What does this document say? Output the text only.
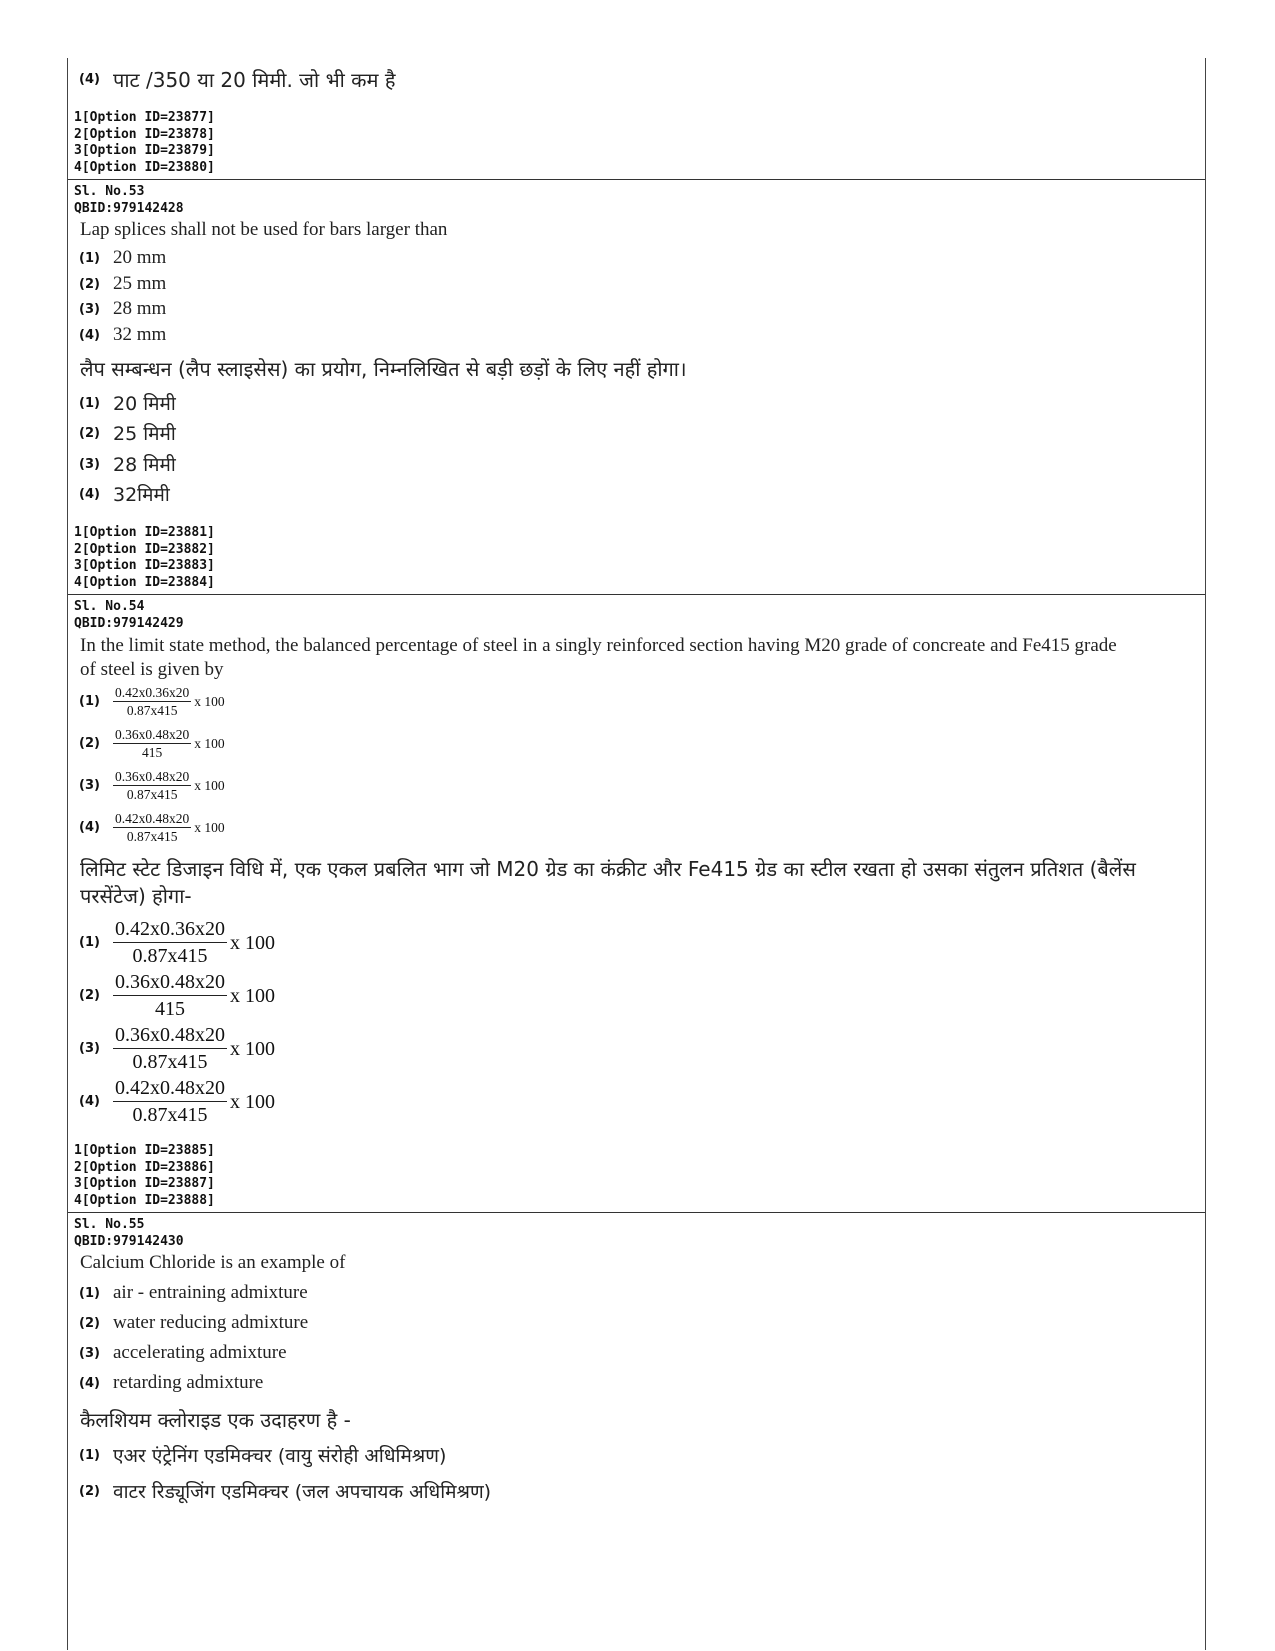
(4) पाट /350 या 20 मिमी. जो भी कम है
1[Option ID=23877]
2[Option ID=23878]
3[Option ID=23879]
4[Option ID=23880]
Sl. No.53
QBID:979142428
Lap splices shall not be used for bars larger than
(1) 20 mm
(2) 25 mm
(3) 28 mm
(4) 32 mm
लैप सम्बन्धन (लैप स्लाइसेस) का प्रयोग, निम्नलिखित से बड़ी छड़ों के लिए नहीं होगा।
(1) 20 मिमी
(2) 25 मिमी
(3) 28 मिमी
(4) 32मिमी
1[Option ID=23881]
2[Option ID=23882]
3[Option ID=23883]
4[Option ID=23884]
Sl. No.54
QBID:979142429
In the limit state method, the balanced percentage of steel in a singly reinforced section having M20 grade of concreate and Fe415 grade
of steel is given by
$(1) \frac{0.42x0.36x20}{0.87x415}$ x 100
$(2) \frac{0.36x0.48x20}{415}$ x 100
$(3) \frac{0.36x0.48x20}{0.87x415}$ x 100
$(4) \frac{0.42x0.48x20}{0.87x415}$ x 100
लिमिट स्टेट डिजाइन विधि में, एक एकल प्रबलित भाग जो M20 ग्रेड का कंक्रीट और Fe415 ग्रेड का स्टील रखता हो उसका संतुलन प्रतिशत (बैलेंस
परसेंटेज) होगा-
$(1) \frac{0.42x0.36x20}{0.87x415}$ x 100
$(2) \frac{0.36x0.48x20}{415}$ x 100
$(3) \frac{0.36x0.48x20}{0.87x415}$ x 100
$(4) \frac{0.42x0.48x20}{0.87x415}$ x 100
1[Option ID=23885]
2[Option ID=23886]
3[Option ID=23887]
4[Option ID=23888]
Sl. No.55
QBID:979142430
Calcium Chloride is an example of
(1) air - entraining admixture
(2) water reducing admixture
(3) accelerating admixture
(4) retarding admixture
कैलशियम क्लोराइड एक उदाहरण है -
(1) एअर एंट्रेनिंग एडमिक्चर (वायु संरोही अधिमिश्रण)
(2) वाटर रिड्यूजिंग एडमिक्चर (जल अपचायक अधिमिश्रण)
